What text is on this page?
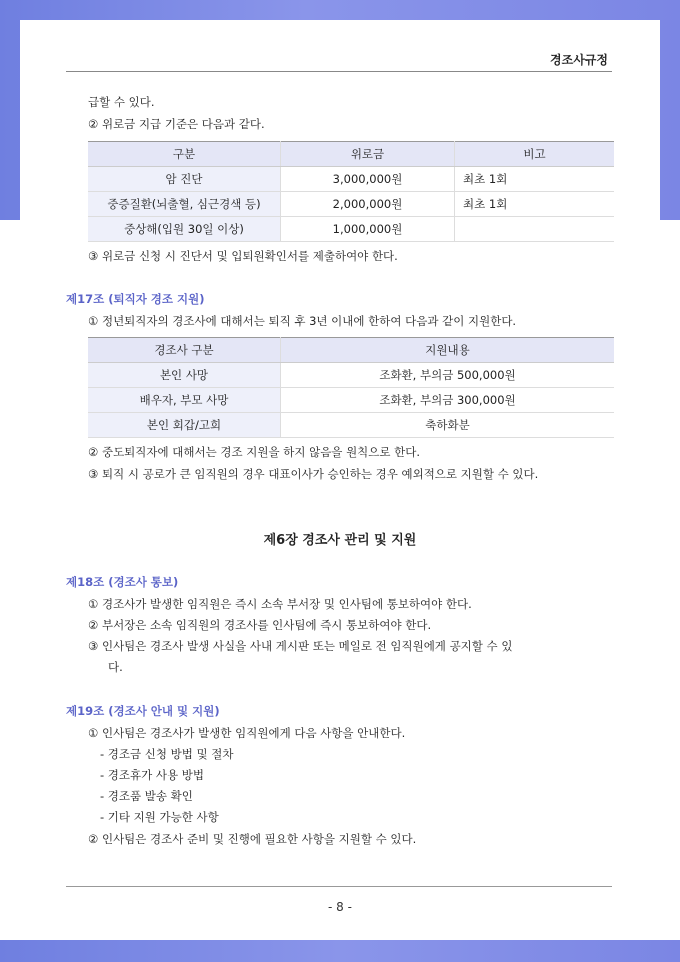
경조사규정
급할 수 있다.
② 위로금 지급 기준은 다음과 같다.
구분	위로금	비고
암 진단	3,000,000원	최초 1회
중증질환(뇌출혈, 심근경색 등)	2,000,000원	최초 1회
중상해(입원 30일 이상)	1,000,000원	
③ 위로금 신청 시 진단서 및 입퇴원확인서를 제출하여야 한다.
제17조 (퇴직자 경조 지원)
① 정년퇴직자의 경조사에 대해서는 퇴직 후 3년 이내에 한하여 다음과 같이 지원한다.
경조사 구분	지원내용
본인 사망	조화환, 부의금 500,000원
배우자, 부모 사망	조화환, 부의금 300,000원
본인 회갑/고희	축하화분
② 중도퇴직자에 대해서는 경조 지원을 하지 않음을 원칙으로 한다.
③ 퇴직 시 공로가 큰 임직원의 경우 대표이사가 승인하는 경우 예외적으로 지원할 수 있다.
제6장 경조사 관리 및 지원
제18조 (경조사 통보)
① 경조사가 발생한 임직원은 즉시 소속 부서장 및 인사팀에 통보하여야 한다.
② 부서장은 소속 임직원의 경조사를 인사팀에 즉시 통보하여야 한다.
③ 인사팀은 경조사 발생 사실을 사내 게시판 또는 메일로 전 임직원에게 공지할 수 있
다.
제19조 (경조사 안내 및 지원)
① 인사팀은 경조사가 발생한 임직원에게 다음 사항을 안내한다.
- 경조금 신청 방법 및 절차
- 경조휴가 사용 방법
- 경조품 발송 확인
- 기타 지원 가능한 사항
② 인사팀은 경조사 준비 및 진행에 필요한 사항을 지원할 수 있다.
- 8 -
